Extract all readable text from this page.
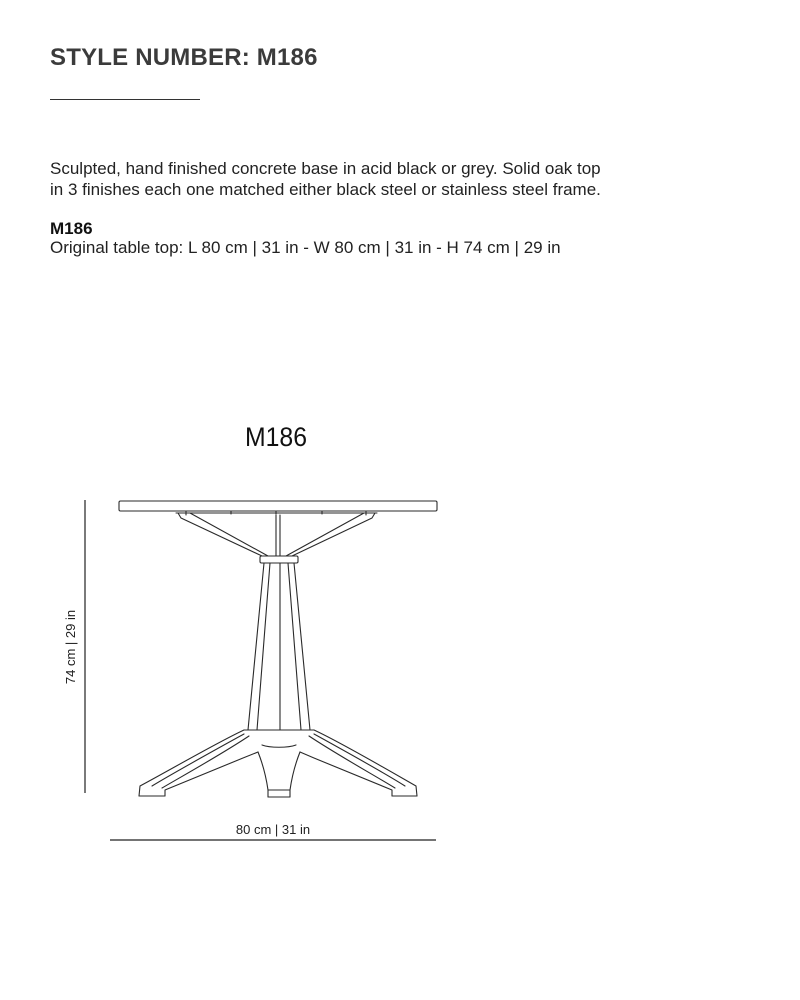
STYLE NUMBER: M186
Sculpted, hand finished concrete base in acid black or grey. Solid oak top
in 3 finishes each one matched either black steel or stainless steel frame.
M186
Original table top: L 80 cm | 31 in - W 80 cm | 31 in - H 74 cm | 29 in
M186
74 cm | 29 in
80 cm | 31 in
